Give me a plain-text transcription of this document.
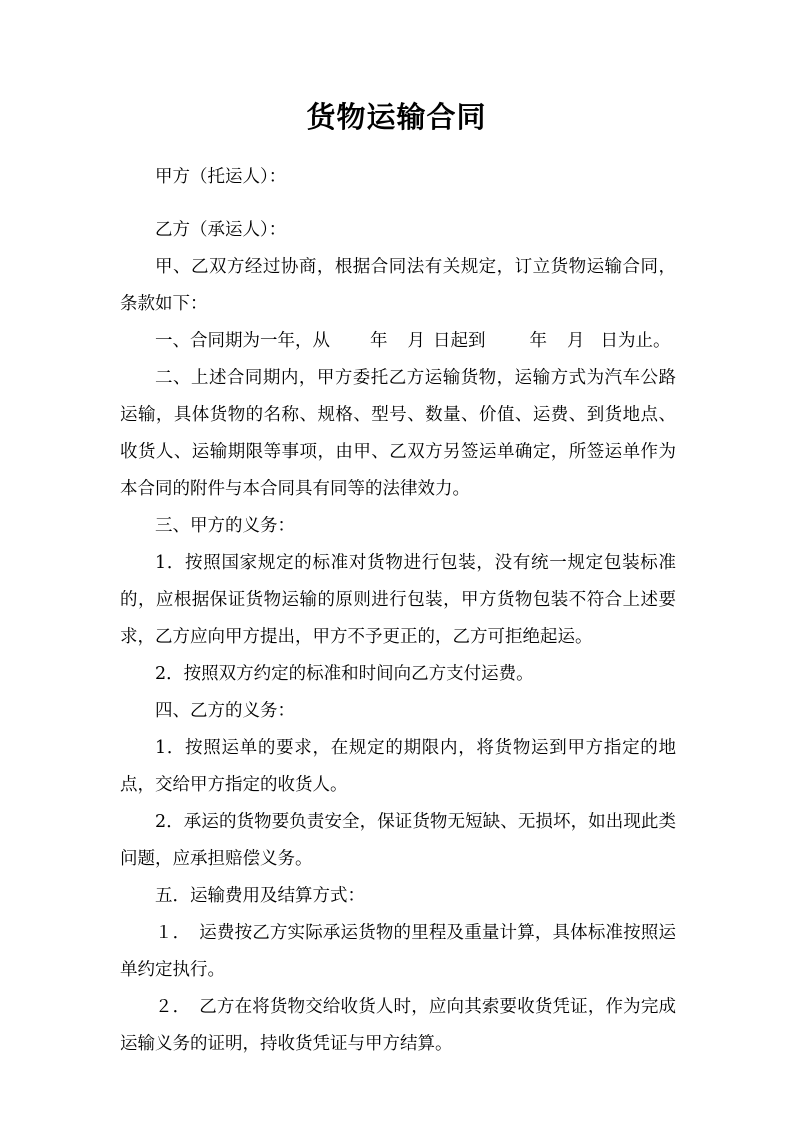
货物运输合同

甲方（托运人）：

乙方（承运人）：

甲、乙双方经过协商，根据合同法有关规定，订立货物运输合同，条款如下：

一、合同期为一年，从 年 月 日起到	年 月 日为止。

二、上述合同期内，甲方委托乙方运输货物，运输方式为汽车公路运输，具体货物的名称、规格、型号、数量、价值、运费、到货地点、收货人、运输期限等事项，由甲、乙双方另签运单确定，所签运单作为本合同的附件与本合同具有同等的法律效力。

三、甲方的义务：

1．按照国家规定的标准对货物进行包装，没有统一规定包装标准的，应根据保证货物运输的原则进行包装，甲方货物包装不符合上述要求，乙方应向甲方提出，甲方不予更正的，乙方可拒绝起运。

2．按照双方约定的标准和时间向乙方支付运费。

四、乙方的义务：

1．按照运单的要求，在规定的期限内，将货物运到甲方指定的地点，交给甲方指定的收货人。

2．承运的货物要负责安全，保证货物无短缺、无损坏，如出现此类问题，应承担赔偿义务。

五．运输费用及结算方式：

１．　运费按乙方实际承运货物的里程及重量计算，具体标准按照运单约定执行。

２．　乙方在将货物交给收货人时，应向其索要收货凭证，作为完成运输义务的证明，持收货凭证与甲方结算。
